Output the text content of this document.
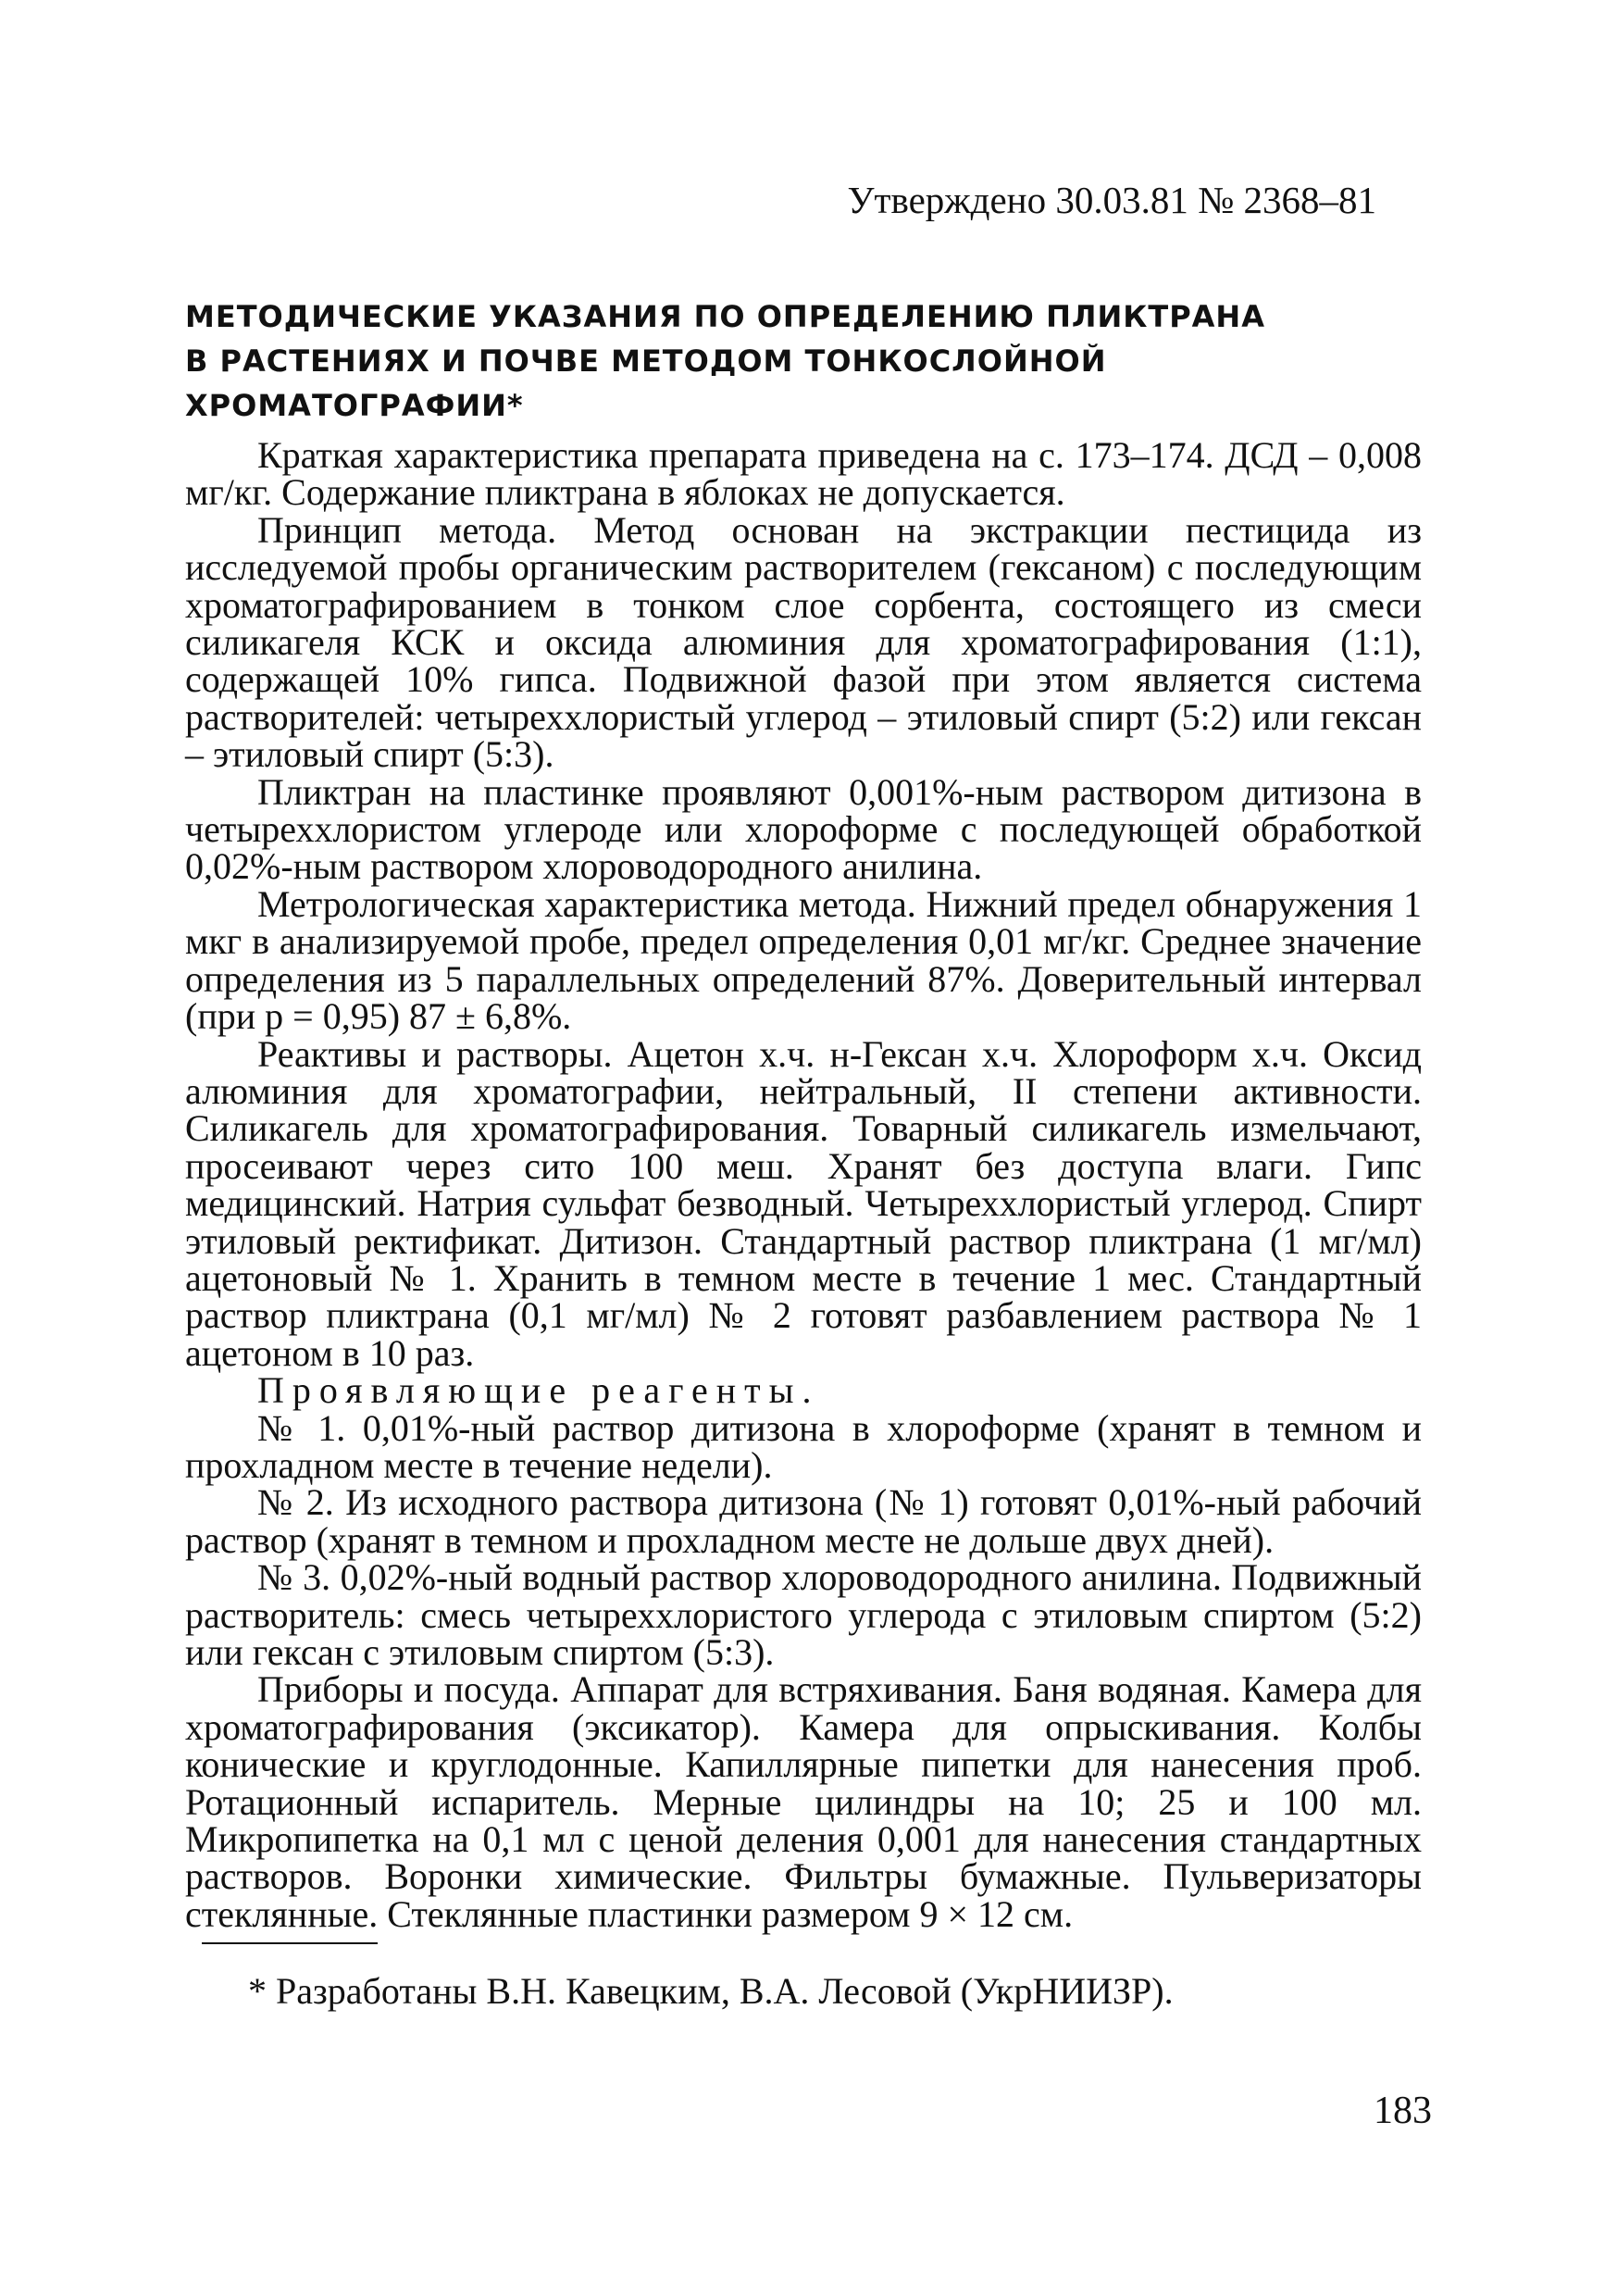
Утверждено 30.03.81 № 2368–81
МЕТОДИЧЕСКИЕ УКАЗАНИЯ ПО ОПРЕДЕЛЕНИЮ ПЛИКТРАНА
В РАСТЕНИЯХ И ПОЧВЕ МЕТОДОМ ТОНКОСЛОЙНОЙ
ХРОМАТОГРАФИИ*

Краткая характеристика препарата приведена на с. 173–174. ДСД – 0,008 мг/кг. Содержание пликтрана в яблоках не допускается.

Принцип метода. Метод основан на экстракции пестицида из исследуемой пробы органическим растворителем (гексаном) с последующим хроматографированием в тонком слое сорбента, состоящего из смеси силикагеля КСК и оксида алюминия для хроматографирования (1:1), содержащей 10% гипса. Подвижной фазой при этом является система растворителей: четыреххлористый углерод – этиловый спирт (5:2) или гексан – этиловый спирт (5:3).

Пликтран на пластинке проявляют 0,001%-ным раствором дитизона в четыреххлористом углероде или хлороформе с последующей обработкой 0,02%-ным раствором хлороводородного анилина.

Метрологическая характеристика метода. Нижний предел обнаружения 1 мкг в анализируемой пробе, предел определения 0,01 мг/кг. Среднее значение определения из 5 параллельных определений 87%. Доверительный интервал (при p = 0,95) 87 ± 6,8%.

Реактивы и растворы. Ацетон х.ч. н-Гексан х.ч. Хлороформ х.ч. Оксид алюминия для хроматографии, нейтральный, II степени активности. Силикагель для хроматографирования. Товарный силикагель измельчают, просеивают через сито 100 меш. Хранят без доступа влаги. Гипс медицинский. Натрия сульфат безводный. Четыреххлористый углерод. Спирт этиловый ректификат. Дитизон. Стандартный раствор пликтрана (1 мг/мл) ацетоновый № 1. Хранить в темном месте в течение 1 мес. Стандартный раствор пликтрана (0,1 мг/мл) № 2 готовят разбавлением раствора № 1 ацетоном в 10 раз.

Проявляющие реагенты.

№ 1. 0,01%-ный раствор дитизона в хлороформе (хранят в темном и прохладном месте в течение недели).

№ 2. Из исходного раствора дитизона (№ 1) готовят 0,01%-ный рабочий раствор (хранят в темном и прохладном месте не дольше двух дней).

№ 3. 0,02%-ный водный раствор хлороводородного анилина. Подвижный растворитель: смесь четыреххлористого углерода с этиловым спиртом (5:2) или гексан с этиловым спиртом (5:3).

Приборы и посуда. Аппарат для встряхивания. Баня водяная. Камера для хроматографирования (эксикатор). Камера для опрыскивания. Колбы конические и круглодонные. Капиллярные пипетки для нанесения проб. Ротационный испаритель. Мерные цилиндры на 10; 25 и 100 мл. Микропипетка на 0,1 мл с ценой деления 0,001 для нанесения стандартных растворов. Воронки химические. Фильтры бумажные. Пульверизаторы стеклянные. Стеклянные пластинки размером 9 × 12 см.

* Разработаны В.Н. Кавецким, В.А. Лесовой (УкрНИИЗР).
183
